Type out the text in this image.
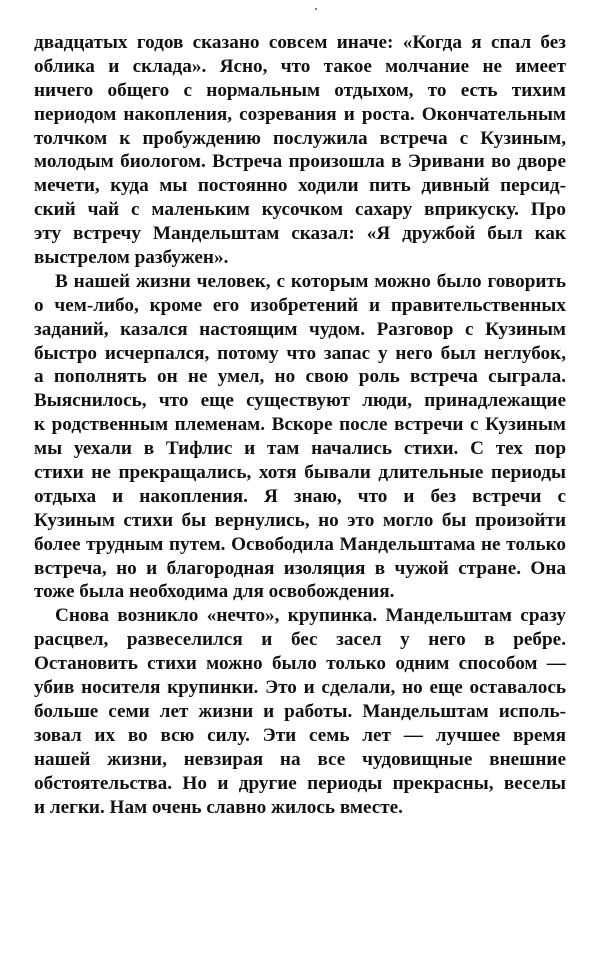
двадцатых годов сказано совсем иначе: «Когда я спал без
облика и склада». Ясно, что такое молчание не имеет
ничего общего с нормальным отдыхом, то есть тихим
периодом накопления, созревания и роста. Окончательным
толчком к пробуждению послужила встреча с Кузиным,
молодым биологом. Встреча произошла в Эривани во дворе
мечети, куда мы постоянно ходили пить дивный персид-
ский чай с маленьким кусочком сахару вприкуску. Про
эту встречу Мандельштам сказал: «Я дружбой был как
выстрелом разбужен».
В нашей жизни человек, с которым можно было говорить
о чем-либо, кроме его изобретений и правительственных
заданий, казался настоящим чудом. Разговор с Кузиным
быстро исчерпался, потому что запас у него был неглубок,
а пополнять он не умел, но свою роль встреча сыграла.
Выяснилось, что еще существуют люди, принадлежащие
к родственным племенам. Вскоре после встречи с Кузиным
мы уехали в Тифлис и там начались стихи. С тех пор
стихи не прекращались, хотя бывали длительные периоды
отдыха и накопления. Я знаю, что и без встречи с
Кузиным стихи бы вернулись, но это могло бы произойти
более трудным путем. Освободила Мандельштама не только
встреча, но и благородная изоляция в чужой стране. Она
тоже была необходима для освобождения.
Снова возникло «нечто», крупинка. Мандельштам сразу
расцвел, развеселился и бес засел у него в ребре.
Остановить стихи можно было только одним способом —
убив носителя крупинки. Это и сделали, но еще оставалось
больше семи лет жизни и работы. Мандельштам исполь-
зовал их во всю силу. Эти семь лет — лучшее время
нашей жизни, невзирая на все чудовищные внешние
обстоятельства. Но и другие периоды прекрасны, веселы
и легки. Нам очень славно жилось вместе.
